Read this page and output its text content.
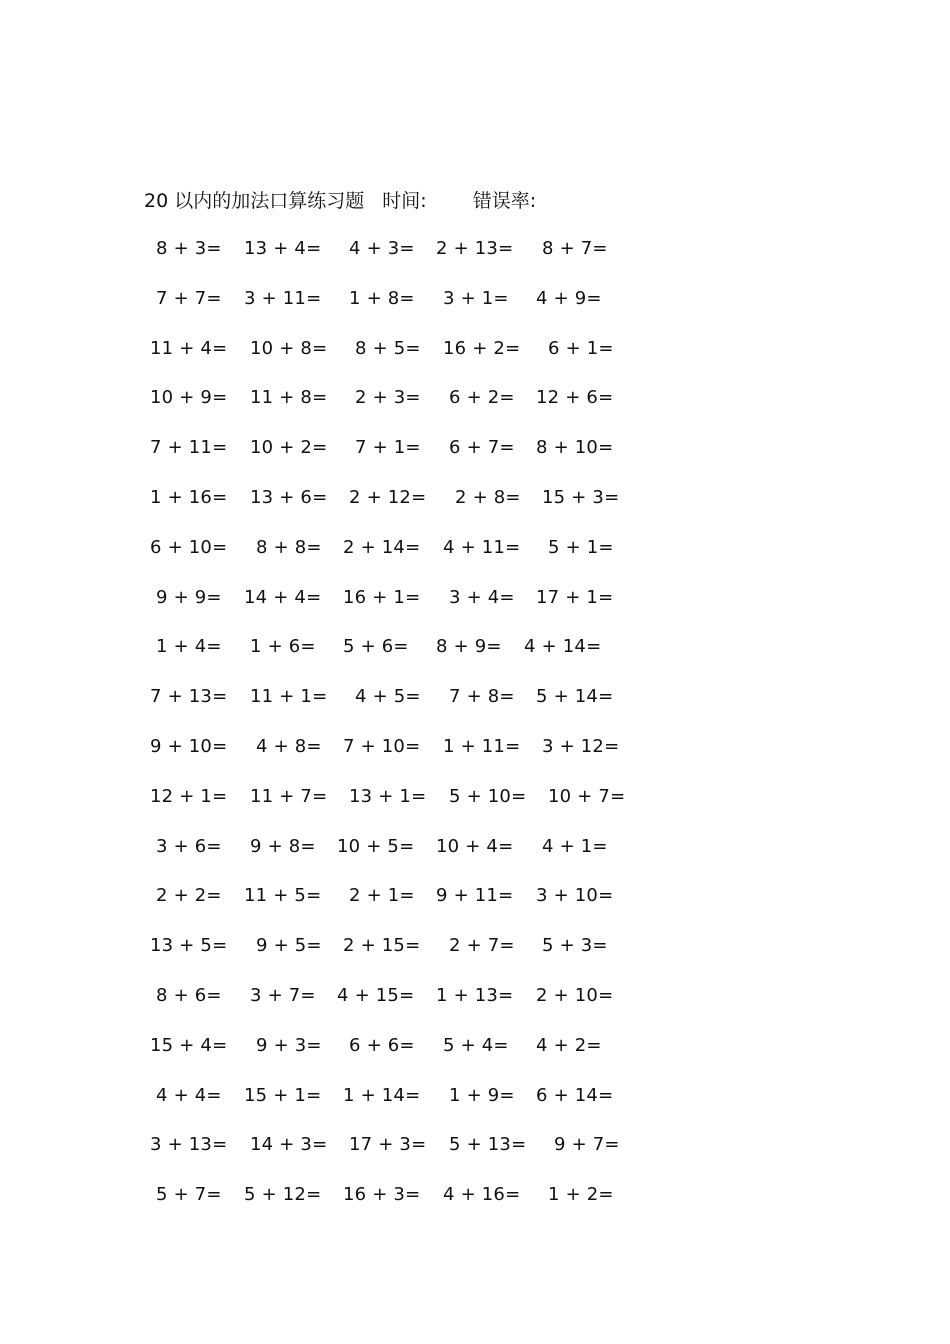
20 以内的加法口算练习题 时间: 错误率:
8 + 3= 13 + 4= 4 + 3= 2 + 13= 8 + 7=
7 + 7= 3 + 11= 1 + 8= 3 + 1= 4 + 9=
11 + 4= 10 + 8= 8 + 5= 16 + 2= 6 + 1=
10 + 9= 11 + 8= 2 + 3= 6 + 2= 12 + 6=
7 + 11= 10 + 2= 7 + 1= 6 + 7= 8 + 10=
1 + 16= 13 + 6= 2 + 12= 2 + 8= 15 + 3=
6 + 10= 8 + 8= 2 + 14= 4 + 11= 5 + 1=
9 + 9= 14 + 4= 16 + 1= 3 + 4= 17 + 1=
1 + 4= 1 + 6= 5 + 6= 8 + 9= 4 + 14=
7 + 13= 11 + 1= 4 + 5= 7 + 8= 5 + 14=
9 + 10= 4 + 8= 7 + 10= 1 + 11= 3 + 12=
12 + 1= 11 + 7= 13 + 1= 5 + 10= 10 + 7=
3 + 6= 9 + 8= 10 + 5= 10 + 4= 4 + 1=
2 + 2= 11 + 5= 2 + 1= 9 + 11= 3 + 10=
13 + 5= 9 + 5= 2 + 15= 2 + 7= 5 + 3=
8 + 6= 3 + 7= 4 + 15= 1 + 13= 2 + 10=
15 + 4= 9 + 3= 6 + 6= 5 + 4= 4 + 2=
4 + 4= 15 + 1= 1 + 14= 1 + 9= 6 + 14=
3 + 13= 14 + 3= 17 + 3= 5 + 13= 9 + 7=
5 + 7= 5 + 12= 16 + 3= 4 + 16= 1 + 2=
